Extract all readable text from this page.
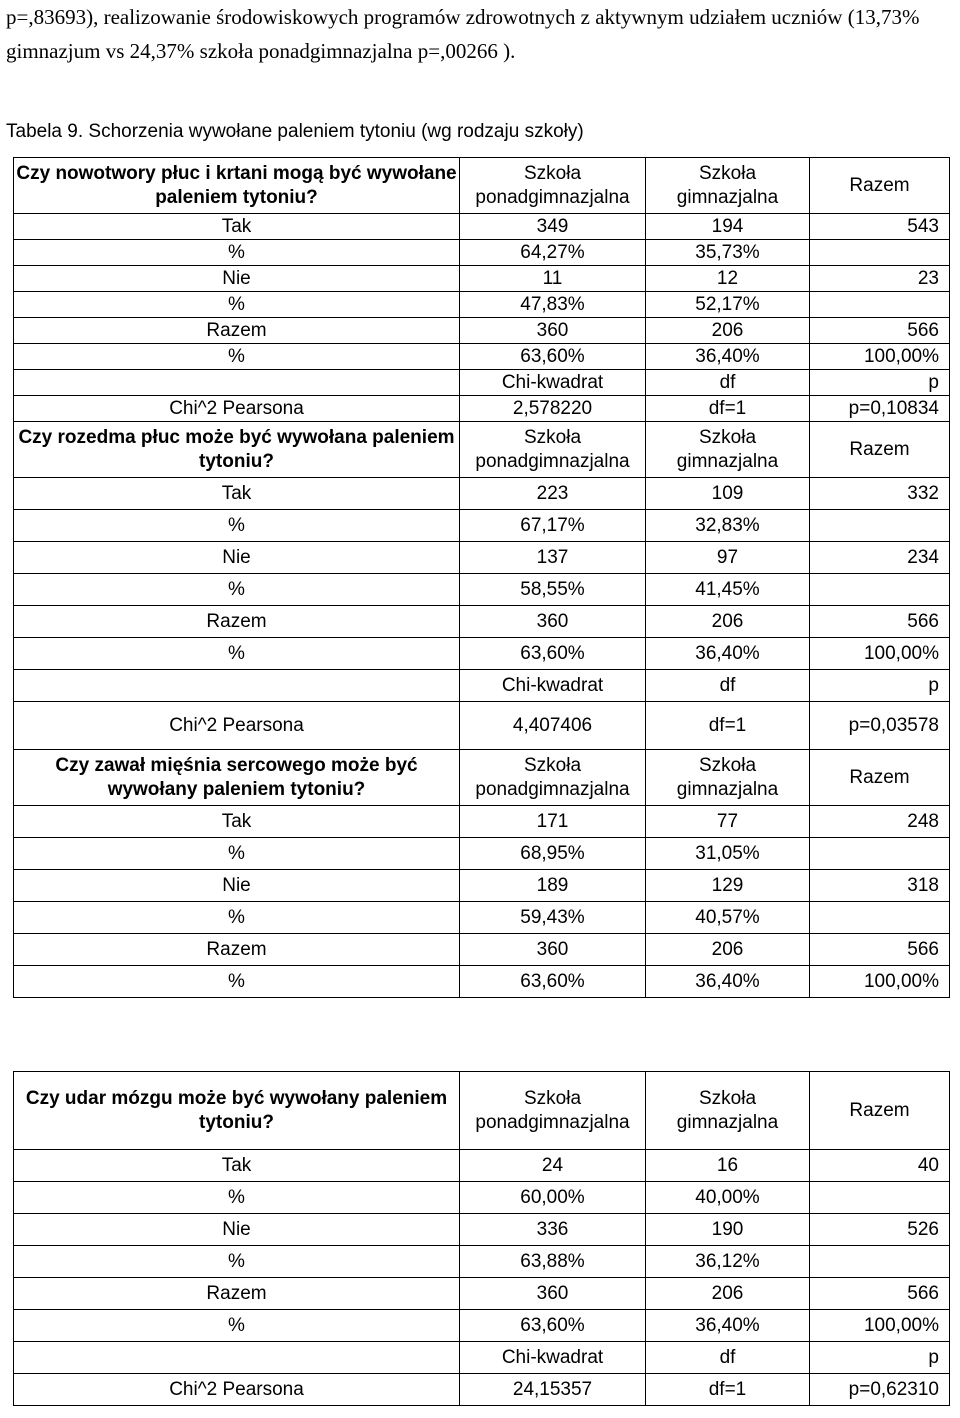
p=,83693), realizowanie środowiskowych programów zdrowotnych z aktywnym udziałem uczniów (13,73% gimnazjum vs 24,37% szkoła ponadgimnazjalna p=,00266 ).
Tabela 9. Schorzenia wywołane paleniem tytoniu (wg rodzaju szkoły)
Czy nowotwory płuc i krtani mogą być wywołane paleniem tytoniu?	Szkoła ponadgimnazjalna	Szkoła gimnazjalna	Razem
Tak	349	194	543
%	64,27%	35,73%	
Nie	11	12	23
%	47,83%	52,17%	
Razem	360	206	566
%	63,60%	36,40%	100,00%
	Chi-kwadrat	df	p
Chi^2 Pearsona	2,578220	df=1	p=0,10834
Czy rozedma płuc może być wywołana paleniem tytoniu?	Szkoła ponadgimnazjalna	Szkoła gimnazjalna	Razem
Tak	223	109	332
%	67,17%	32,83%	
Nie	137	97	234
%	58,55%	41,45%	
Razem	360	206	566
%	63,60%	36,40%	100,00%
	Chi-kwadrat	df	p
Chi^2 Pearsona	4,407406	df=1	p=0,03578
Czy zawał mięśnia sercowego może być wywołany paleniem tytoniu?	Szkoła ponadgimnazjalna	Szkoła gimnazjalna	Razem
Tak	171	77	248
%	68,95%	31,05%	
Nie	189	129	318
%	59,43%	40,57%	
Razem	360	206	566
%	63,60%	36,40%	100,00%
Czy udar mózgu może być wywołany paleniem tytoniu?	Szkoła ponadgimnazjalna	Szkoła gimnazjalna	Razem
Tak	24	16	40
%	60,00%	40,00%	
Nie	336	190	526
%	63,88%	36,12%	
Razem	360	206	566
%	63,60%	36,40%	100,00%
	Chi-kwadrat	df	p
Chi^2 Pearsona	24,15357	df=1	p=0,62310
